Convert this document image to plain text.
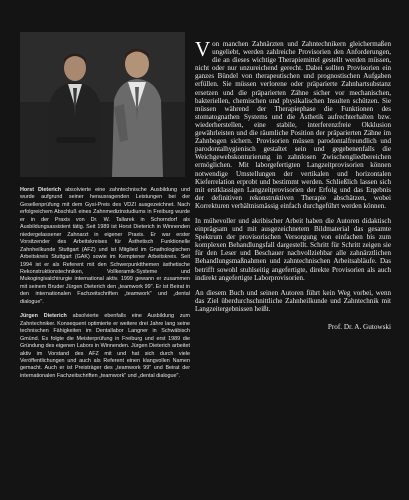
Horst Dieterich absolvierte eine zahntechnische Ausbildung und wurde aufgrund seiner herausragenden Leistungen bei der Gesellenprüfung mit dem Gysi-Preis des VDZI ausgezeichnet. Nach erfolgreichem Abschluß eines Zahnmedizinstudiums in Freiburg wurde er in der Praxis von Dr. W. Tallarek in Schorndorf als Ausbildungsassistent tätig. Seit 1989 ist Horst Dieterich in Winnenden niedergelassener Zahnarzt in eigener Praxis. Er war erster Vorsitzender des Arbeitskreises für Ästhetisch Funktionelle Zahnheilkunde Stuttgart (AFZ) und ist Mitglied im Gnathologischen Arbeitskreis Stuttgart (GAK) sowie im Kemptener Arbeitskreis. Seit 1994 ist er als Referent mit den Schwerpunktthemen ästhetische Rekonstruktionstechniken, Vollkeramik-Systeme und Mukogingivalchirurgie international aktiv. 1999 gewann er zusammen mit seinem Bruder Jürgen Dieterich den „teamwork 99". Er ist Beirat in den internationalen Fachzeitschriften „teamwork" und „dental dialogue".

Jürgen Dieterich absolvierte ebenfalls eine Ausbildung zum Zahntechniker. Konsequent optimierte er weitere drei Jahre lang seine technischen Fähigkeiten im Dentallabor Langner in Schwäbisch Gmünd. Es folgte die Meisterprüfung in Freiburg und erst 1989 die Gründung des eigenen Labors in Winnenden. Jürgen Dieterich arbeitet aktiv im Vorstand des AFZ mit und hat sich durch viele Veröffentlichungen und auch als Referent einen klangvollen Namen gemacht. Auch er ist Preisträger des „teamwork 99" und Beirat der internationalen Fachzeitschriften „teamwork" und „dental dialogue".

Von manchen Zahnärzten und Zahntechnikern gleichermaßen ungeliebt, werden zahlreiche Provisorien den Anforderungen, die an dieses wichtige Therapiemittel gestellt werden müssen, nicht oder nur unzureichend gerecht. Dabei sollten Provisorien ein ganzes Bündel von therapeutischen und prognostischen Aufgaben erfüllen. Sie müssen verlorene oder präparierte Zahnhartsubstanz ersetzen und die präparierten Zähne sicher vor mechanischen, bakteriellen, chemischen und physikalischen Insulten schützen. Sie müssen während der Therapiephase die Funktionen des stomatognathen Systems und die Ästhetik aufrechterhalten bzw. wiederherstellen, eine stabile, interferenzfreie Okklusion gewährleisten und die räumliche Position der präparierten Zähne im Zahnbogen sichern. Provisorien müssen parodontalfreundlich und parodontalhygienisch gestaltet sein und gegebenenfalls die Weichgewebskonturierung in zahnlosen Zwischengliedbereichen ermöglichen. Mit laborgefertigten Langzeitprovisorien können notwendige Umstellungen der vertikalen und horizontalen Kieferrelation erprobt und bestimmt werden. Schließlich lassen sich mit erstklassigen Langzeitprovisorien der Erfolg und das Ergebnis der definitiven rekonstruktiven Therapie abschätzen, wobei Korrekturen verhältnismässig einfach durchgeführt werden können.

In mühevoller und akribischer Arbeit haben die Autoren didaktisch einprägsam und mit ausgezeichnetem Bildmaterial das gesamte Spektrum der provisorischen Versorgung von einfachen bis zum komplexen Behandlungsfall dargestellt. Schritt für Schritt zeigen sie für den Leser und Beschauer nachvollziehbar alle zahnärztlichen Behandlungsmaßnahmen und zahntechnischen Arbeitsabläufe. Das betrifft sowohl stuhlseitig angefertigte, direkte Provisorien als auch indirekt angefertigte Laborprovisorien.

An diesem Buch und seinen Autoren führt kein Weg vorbei, wenn das Ziel überdurchschnittliche Zahnheilkunde und Zahntechnik mit Langzeitergebnissen heißt.

Prof. Dr. A. Gutowski
